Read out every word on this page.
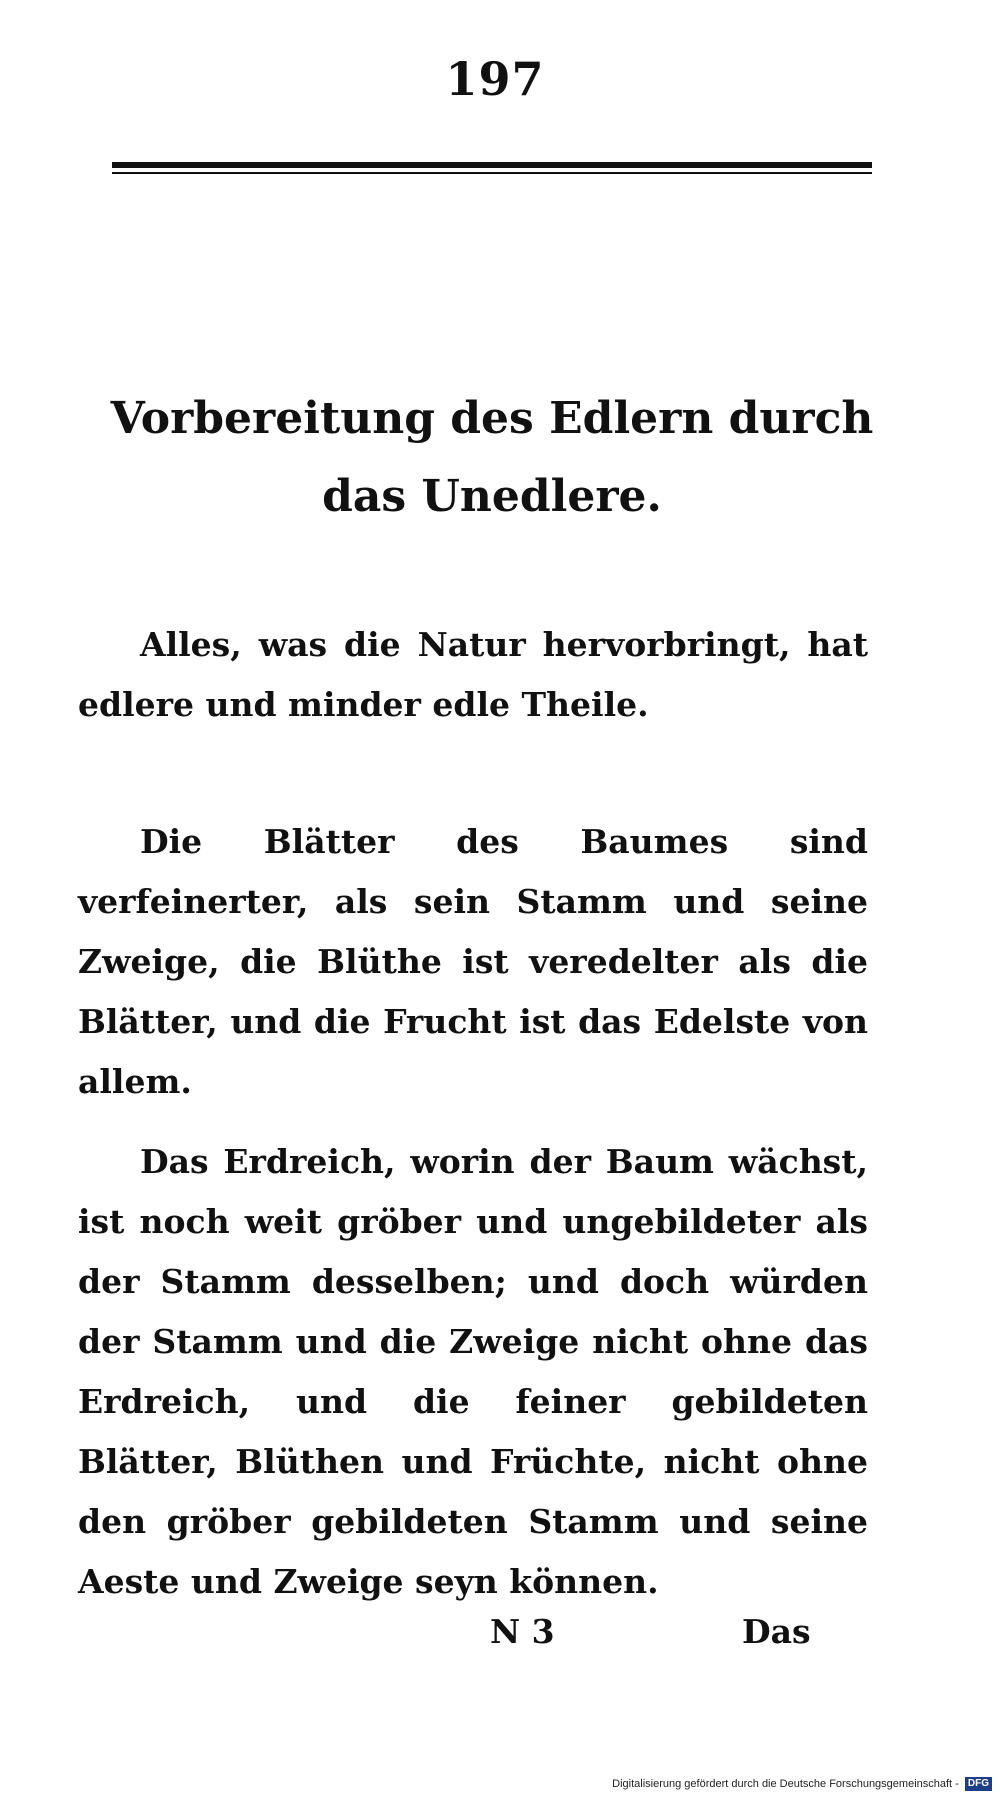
197
Vorbereitung des Edlern durch das Unedlere.

Alles, was die Natur hervorbringt, hat edlere und minder edle Theile.

Die Blätter des Baumes sind verfeinerter, als sein Stamm und seine Zweige, die Blüthe ist veredelter als die Blätter, und die Frucht ist das Edelste von allem.

Das Erdreich, worin der Baum wächst, ist noch weit gröber und ungebildeter als der Stamm desselben; und doch würden der Stamm und die Zweige nicht ohne das Erdreich, und die feiner gebildeten Blätter, Blüthen und Früchte, nicht ohne den gröber gebildeten Stamm und seine Aeste und Zweige seyn können.

N 3	Das
Digitalisierung gefördert durch die Deutsche Forschungsgemeinschaft - DFG
